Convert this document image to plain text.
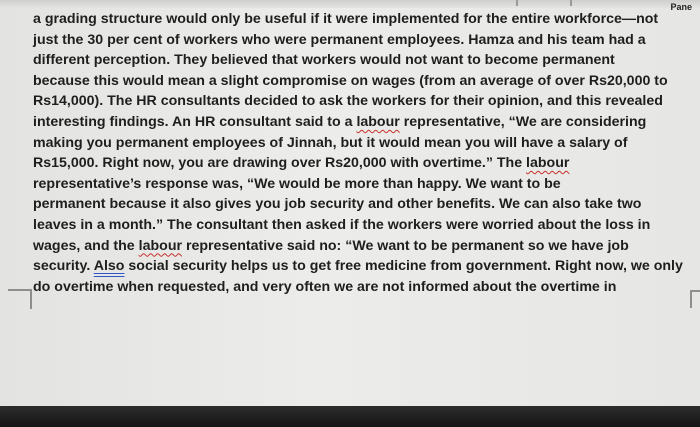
Pane
a grading structure would only be useful if it were implemented for the entire workforce—not
just the 30 per cent of workers who were permanent employees. Hamza and his team had a
different perception. They believed that workers would not want to become permanent
because this would mean a slight compromise on wages (from an average of over Rs20,000 to
Rs14,000). The HR consultants decided to ask the workers for their opinion, and this revealed
interesting findings. An HR consultant said to a labour representative, “We are considering
making you permanent employees of Jinnah, but it would mean you will have a salary of
Rs15,000. Right now, you are drawing over Rs20,000 with overtime.” The labour
representative’s response was, “We would be more than happy. We want to be
permanent because it also gives you job security and other benefits. We can also take two
leaves in a month.” The consultant then asked if the workers were worried about the loss in
wages, and the labour representative said no: “We want to be permanent so we have job
security. Also social security helps us to get free medicine from government. Right now, we only
do overtime when requested, and very often we are not informed about the overtime in
